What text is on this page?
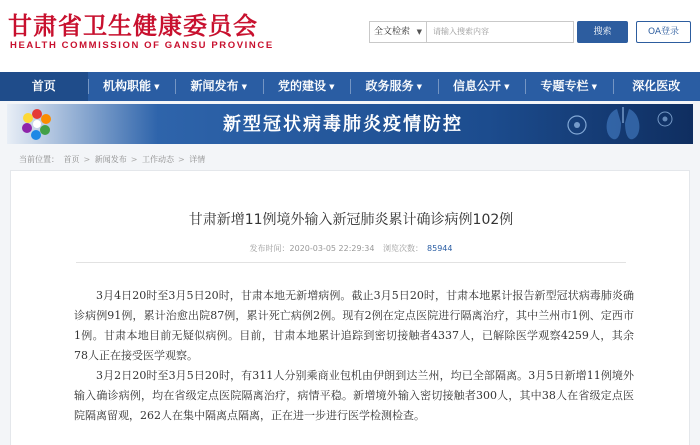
甘肃省卫生健康委员会
HEALTH COMMISSION OF GANSU PROVINCE
全文检索 ▼	请输入搜索内容	搜索	OA登录
首页	机构职能 ▼	新闻发布 ▼	党的建设 ▼	政务服务 ▼	信息公开 ▼	专题专栏 ▼	深化医改
新型冠状病毒肺炎疫情防控
当前位置： 首页 > 新闻发布 > 工作动态 > 详情
甘肃新增11例境外输入新冠肺炎累计确诊病例102例
发布时间：2020-03-05 22:29:34 浏览次数： 85944

3月4日20时至3月5日20时，甘肃本地无新增病例。截止3月5日20时，甘肃本地累计报告新型冠状病毒肺炎确诊病例91例，累计治愈出院87例，累计死亡病例2例。现有2例在定点医院进行隔离治疗，其中兰州市1例、定西市1例。甘肃本地目前无疑似病例。目前，甘肃本地累计追踪到密切接触者4337人，已解除医学观察4259人，其余78人正在接受医学观察。

3月2日20时至3月5日20时，有311人分别乘商业包机由伊朗到达兰州，均已全部隔离。3月5日新增11例境外输入确诊病例，均在省级定点医院隔离治疗，病情平稳。新增境外输入密切接触者300人，其中38人在省级定点医院隔离留观，262人在集中隔离点隔离，正在进一步进行医学检测检查。
